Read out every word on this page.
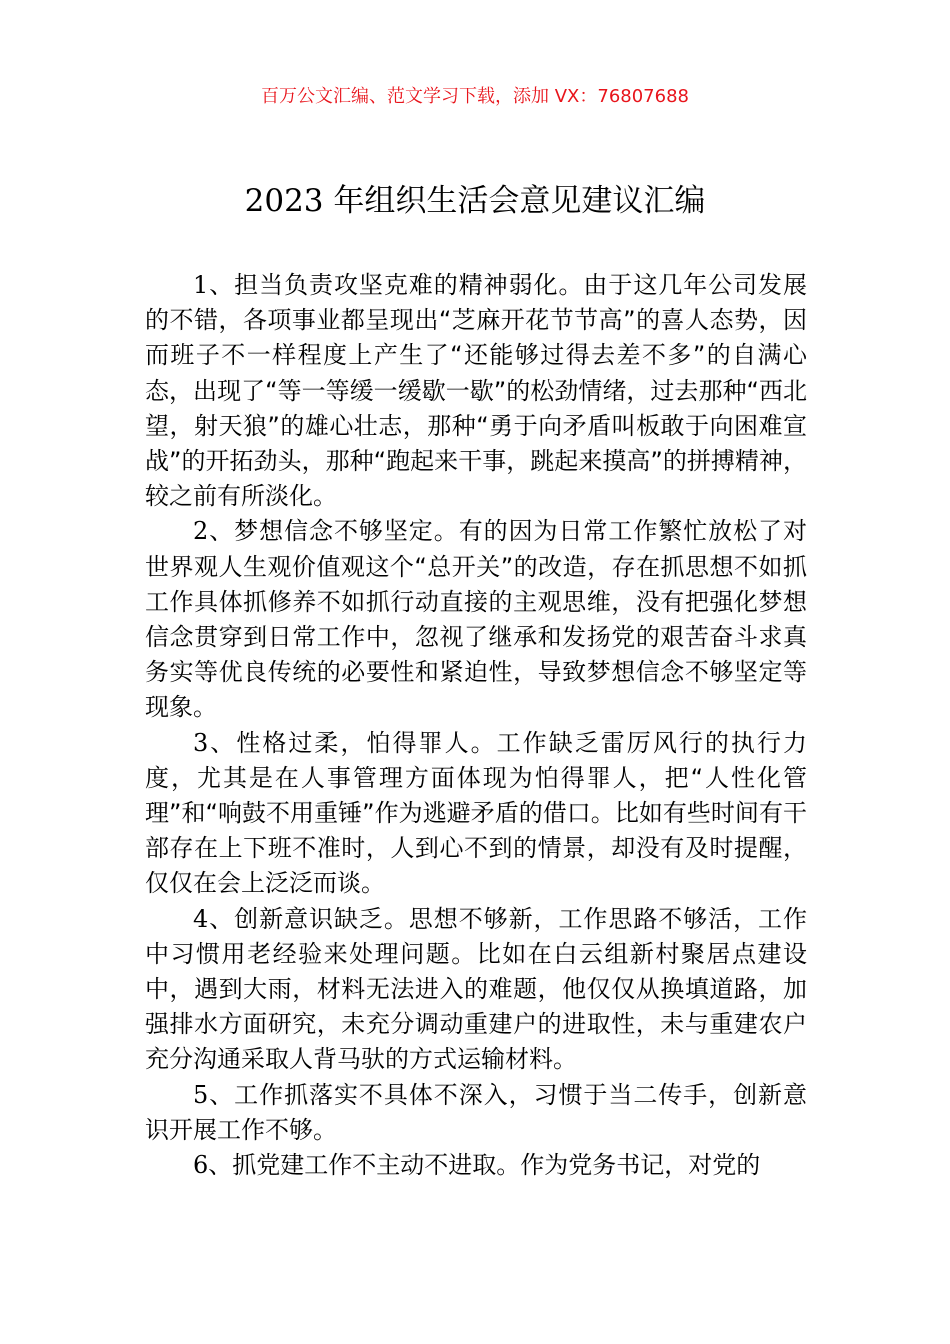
百万公文汇编、范文学习下载，添加 VX：76807688
2023 年组织生活会意见建议汇编

1、担当负责攻坚克难的精神弱化。由于这几年公司发展的不错，各项事业都呈现出“芝麻开花节节高”的喜人态势，因而班子不一样程度上产生了“还能够过得去差不多”的自满心态，出现了“等一等缓一缓歇一歇”的松劲情绪，过去那种“西北望，射天狼”的雄心壮志，那种“勇于向矛盾叫板敢于向困难宣战”的开拓劲头，那种“跑起来干事，跳起来摸高”的拼搏精神，较之前有所淡化。

2、梦想信念不够坚定。有的因为日常工作繁忙放松了对世界观人生观价值观这个“总开关”的改造，存在抓思想不如抓工作具体抓修养不如抓行动直接的主观思维，没有把强化梦想信念贯穿到日常工作中，忽视了继承和发扬党的艰苦奋斗求真务实等优良传统的必要性和紧迫性，导致梦想信念不够坚定等现象。

3、性格过柔，怕得罪人。工作缺乏雷厉风行的执行力度，尤其是在人事管理方面体现为怕得罪人，把“人性化管理”和“响鼓不用重锤”作为逃避矛盾的借口。比如有些时间有干部存在上下班不准时，人到心不到的情景，却没有及时提醒，仅仅在会上泛泛而谈。

4、创新意识缺乏。思想不够新，工作思路不够活，工作中习惯用老经验来处理问题。比如在白云组新村聚居点建设中，遇到大雨，材料无法进入的难题，他仅仅从换填道路，加强排水方面研究，未充分调动重建户的进取性，未与重建农户充分沟通采取人背马驮的方式运输材料。

5、工作抓落实不具体不深入，习惯于当二传手，创新意识开展工作不够。

6、抓党建工作不主动不进取。作为党务书记，对党的
